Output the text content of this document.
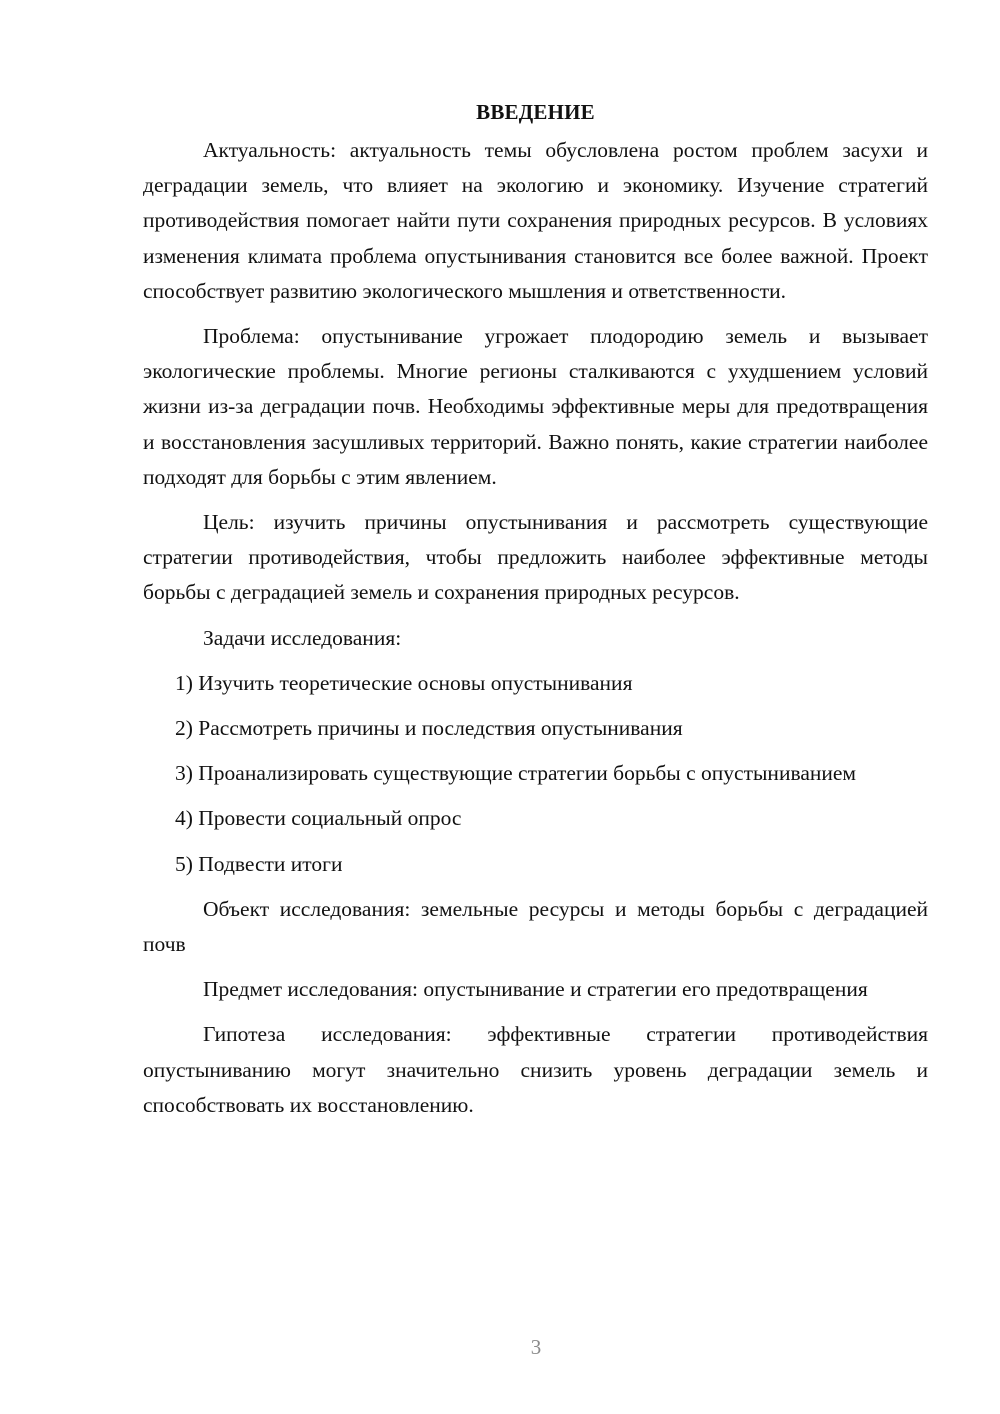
ВВЕДЕНИЕ

Актуальность: актуальность темы обусловлена ростом проблем засухи и деградации земель, что влияет на экологию и экономику. Изучение стратегий противодействия помогает найти пути сохранения природных ресурсов. В условиях изменения климата проблема опустынивания становится все более важной. Проект способствует развитию экологического мышления и ответственности.

Проблема: опустынивание угрожает плодородию земель и вызывает экологические проблемы. Многие регионы сталкиваются с ухудшением условий жизни из-за деградации почв. Необходимы эффективные меры для предотвращения и восстановления засушливых территорий. Важно понять, какие стратегии наиболее подходят для борьбы с этим явлением.

Цель: изучить причины опустынивания и рассмотреть существующие стратегии противодействия, чтобы предложить наиболее эффективные методы борьбы с деградацией земель и сохранения природных ресурсов.

Задачи исследования:

1) Изучить теоретические основы опустынивания

2) Рассмотреть причины и последствия опустынивания

3) Проанализировать существующие стратегии борьбы с опустыниванием

4) Провести социальный опрос

5) Подвести итоги

Объект исследования: земельные ресурсы и методы борьбы с деградацией почв

Предмет исследования: опустынивание и стратегии его предотвращения

Гипотеза исследования: эффективные стратегии противодействия опустыниванию могут значительно снизить уровень деградации земель и способствовать их восстановлению.

3
